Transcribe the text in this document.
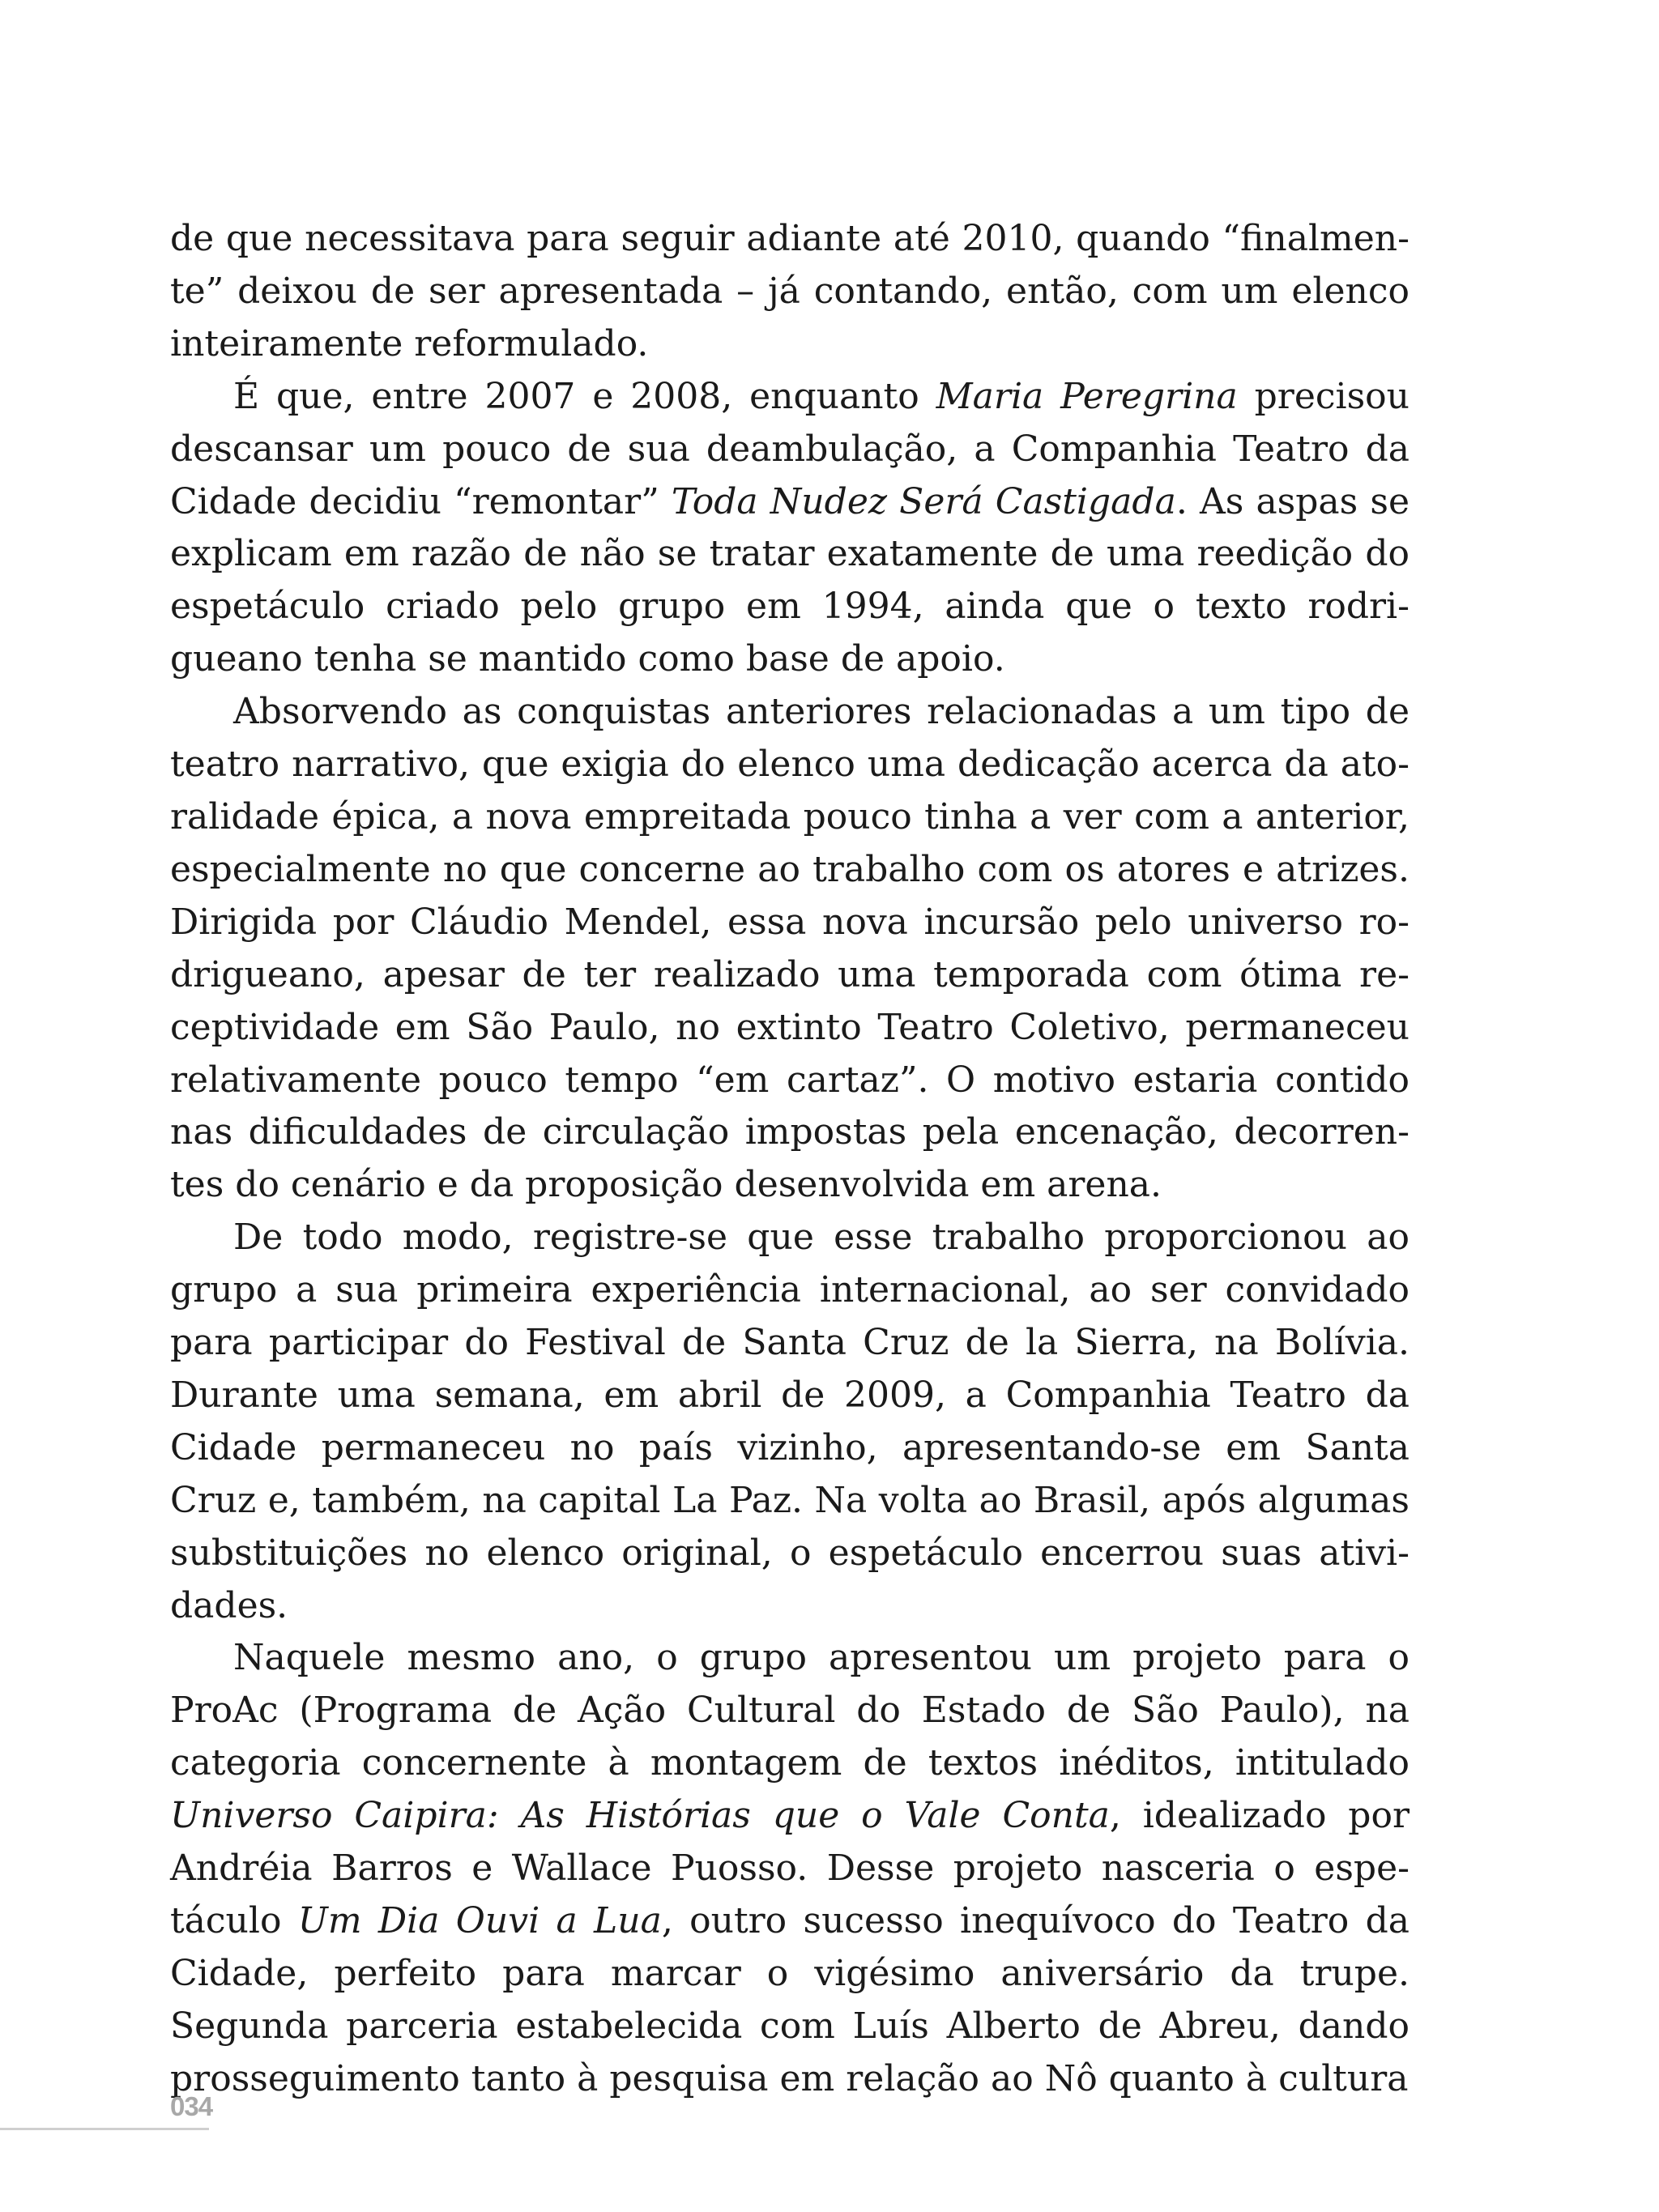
de que necessitava para seguir adiante até 2010, quando “finalmen-te” deixou de ser apresentada – já contando, então, com um elenco inteiramente reformulado.

É que, entre 2007 e 2008, enquanto Maria Peregrina precisou descansar um pouco de sua deambulação, a Companhia Teatro da Cidade decidiu “remontar” Toda Nudez Será Castigada. As aspas se explicam em razão de não se tratar exatamente de uma reedição do espetáculo criado pelo grupo em 1994, ainda que o texto rodri-gueano tenha se mantido como base de apoio.

Absorvendo as conquistas anteriores relacionadas a um tipo de teatro narrativo, que exigia do elenco uma dedicação acerca da ato-ralidade épica, a nova empreitada pouco tinha a ver com a anterior, especialmente no que concerne ao trabalho com os atores e atrizes. Dirigida por Cláudio Mendel, essa nova incursão pelo universo ro-drigueano, apesar de ter realizado uma temporada com ótima re-ceptividade em São Paulo, no extinto Teatro Coletivo, permaneceu relativamente pouco tempo “em cartaz”. O motivo estaria contido nas dificuldades de circulação impostas pela encenação, decorren-tes do cenário e da proposição desenvolvida em arena.

De todo modo, registre-se que esse trabalho proporcionou ao grupo a sua primeira experiência internacional, ao ser convidado para participar do Festival de Santa Cruz de la Sierra, na Bolívia. Durante uma semana, em abril de 2009, a Companhia Teatro da Cidade permaneceu no país vizinho, apresentando-se em Santa Cruz e, também, na capital La Paz. Na volta ao Brasil, após algumas substituições no elenco original, o espetáculo encerrou suas ativi-dades.

Naquele mesmo ano, o grupo apresentou um projeto para o ProAc (Programa de Ação Cultural do Estado de São Paulo), na categoria concernente à montagem de textos inéditos, intitulado Universo Caipira: As Histórias que o Vale Conta, idealizado por Andréia Barros e Wallace Puosso. Desse projeto nasceria o espe-táculo Um Dia Ouvi a Lua, outro sucesso inequívoco do Teatro da Cidade, perfeito para marcar o vigésimo aniversário da trupe. Segunda parceria estabelecida com Luís Alberto de Abreu, dando prosseguimento tanto à pesquisa em relação ao Nô quanto à cultura

034
